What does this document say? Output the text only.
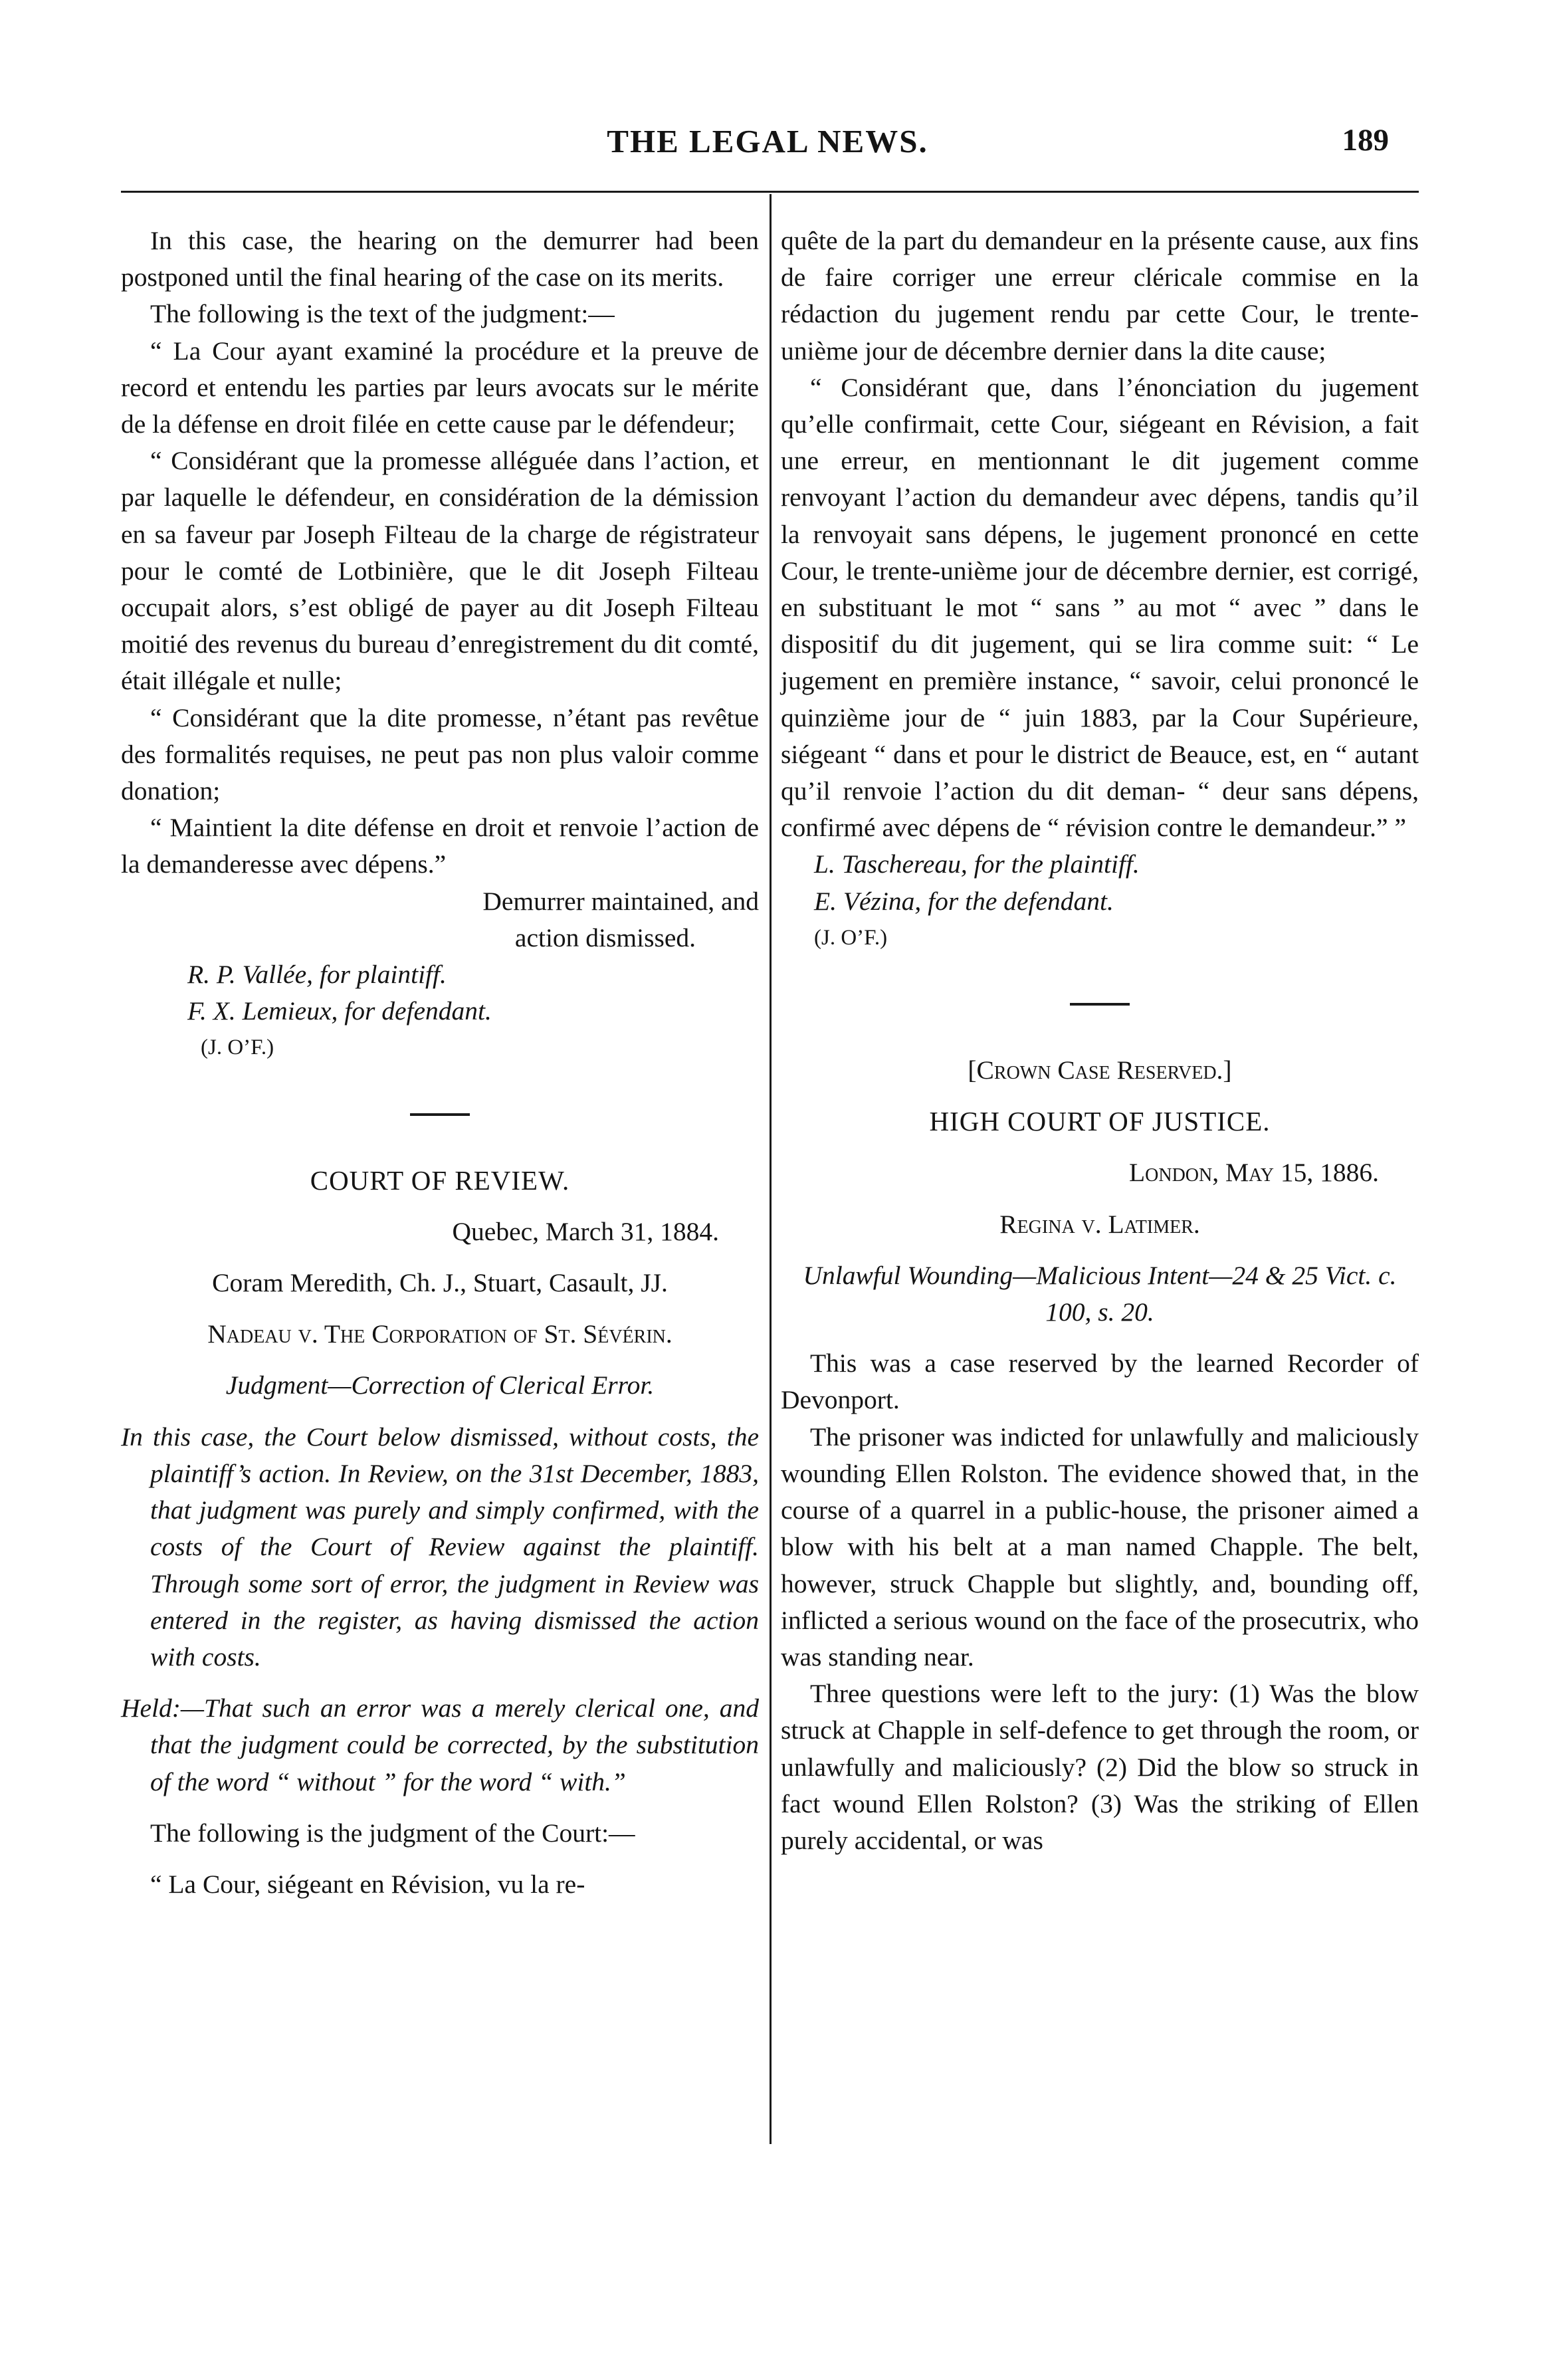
THE LEGAL NEWS.	189

In this case, the hearing on the demurrer had been postponed until the final hearing of the case on its merits.

The following is the text of the judgment:—

“ La Cour ayant examiné la procédure et la preuve de record et entendu les parties par leurs avocats sur le mérite de la défense en droit filée en cette cause par le défendeur;

“ Considérant que la promesse alléguée dans l’action, et par laquelle le défendeur, en considération de la démission en sa faveur par Joseph Filteau de la charge de régistrateur pour le comté de Lotbinière, que le dit Joseph Filteau occupait alors, s’est obligé de payer au dit Joseph Filteau moitié des revenus du bureau d’enregistrement du dit comté, était illégale et nulle;

“ Considérant que la dite promesse, n’étant pas revêtue des formalités requises, ne peut pas non plus valoir comme donation;

“ Maintient la dite défense en droit et renvoie l’action de la demanderesse avec dépens.”

Demurrer maintained, and

action dismissed.

R. P. Vallée, for plaintiff.

F. X. Lemieux, for defendant.

(J. O’F.)

COURT OF REVIEW.

Quebec, March 31, 1884.

Coram Meredith, Ch. J., Stuart, Casault, JJ.

Nadeau v. The Corporation of St. Sévérin.

Judgment—Correction of Clerical Error.

In this case, the Court below dismissed, without costs, the plaintiff’s action. In Review, on the 31st December, 1883, that judgment was purely and simply confirmed, with the costs of the Court of Review against the plaintiff. Through some sort of error, the judgment in Review was entered in the register, as having dismissed the action with costs.

Held:—That such an error was a merely clerical one, and that the judgment could be corrected, by the substitution of the word “ without ” for the word “ with.”

The following is the judgment of the Court:—

“ La Cour, siégeant en Révision, vu la re-

quête de la part du demandeur en la présente cause, aux fins de faire corriger une erreur cléricale commise en la rédaction du jugement rendu par cette Cour, le trente-unième jour de décembre dernier dans la dite cause;

“ Considérant que, dans l’énonciation du jugement qu’elle confirmait, cette Cour, siégeant en Révision, a fait une erreur, en mentionnant le dit jugement comme renvoyant l’action du demandeur avec dépens, tandis qu’il la renvoyait sans dépens, le jugement prononcé en cette Cour, le trente-unième jour de décembre dernier, est corrigé, en substituant le mot “ sans ” au mot “ avec ” dans le dispositif du dit jugement, qui se lira comme suit: “ Le jugement en première instance, “ savoir, celui prononcé le quinzième jour de “ juin 1883, par la Cour Supérieure, siégeant “ dans et pour le district de Beauce, est, en “ autant qu’il renvoie l’action du dit deman- “ deur sans dépens, confirmé avec dépens de “ révision contre le demandeur.” ”

L. Taschereau, for the plaintiff.

E. Vézina, for the defendant.

(J. O’F.)

[Crown Case Reserved.]

HIGH COURT OF JUSTICE.

London, May 15, 1886.

Regina v. Latimer.

Unlawful Wounding—Malicious Intent—24 & 25 Vict. c. 100, s. 20.

This was a case reserved by the learned Recorder of Devonport.

The prisoner was indicted for unlawfully and maliciously wounding Ellen Rolston. The evidence showed that, in the course of a quarrel in a public-house, the prisoner aimed a blow with his belt at a man named Chapple. The belt, however, struck Chapple but slightly, and, bounding off, inflicted a serious wound on the face of the prosecutrix, who was standing near.

Three questions were left to the jury: (1) Was the blow struck at Chapple in self-defence to get through the room, or unlawfully and maliciously? (2) Did the blow so struck in fact wound Ellen Rolston? (3) Was the striking of Ellen purely accidental, or was
